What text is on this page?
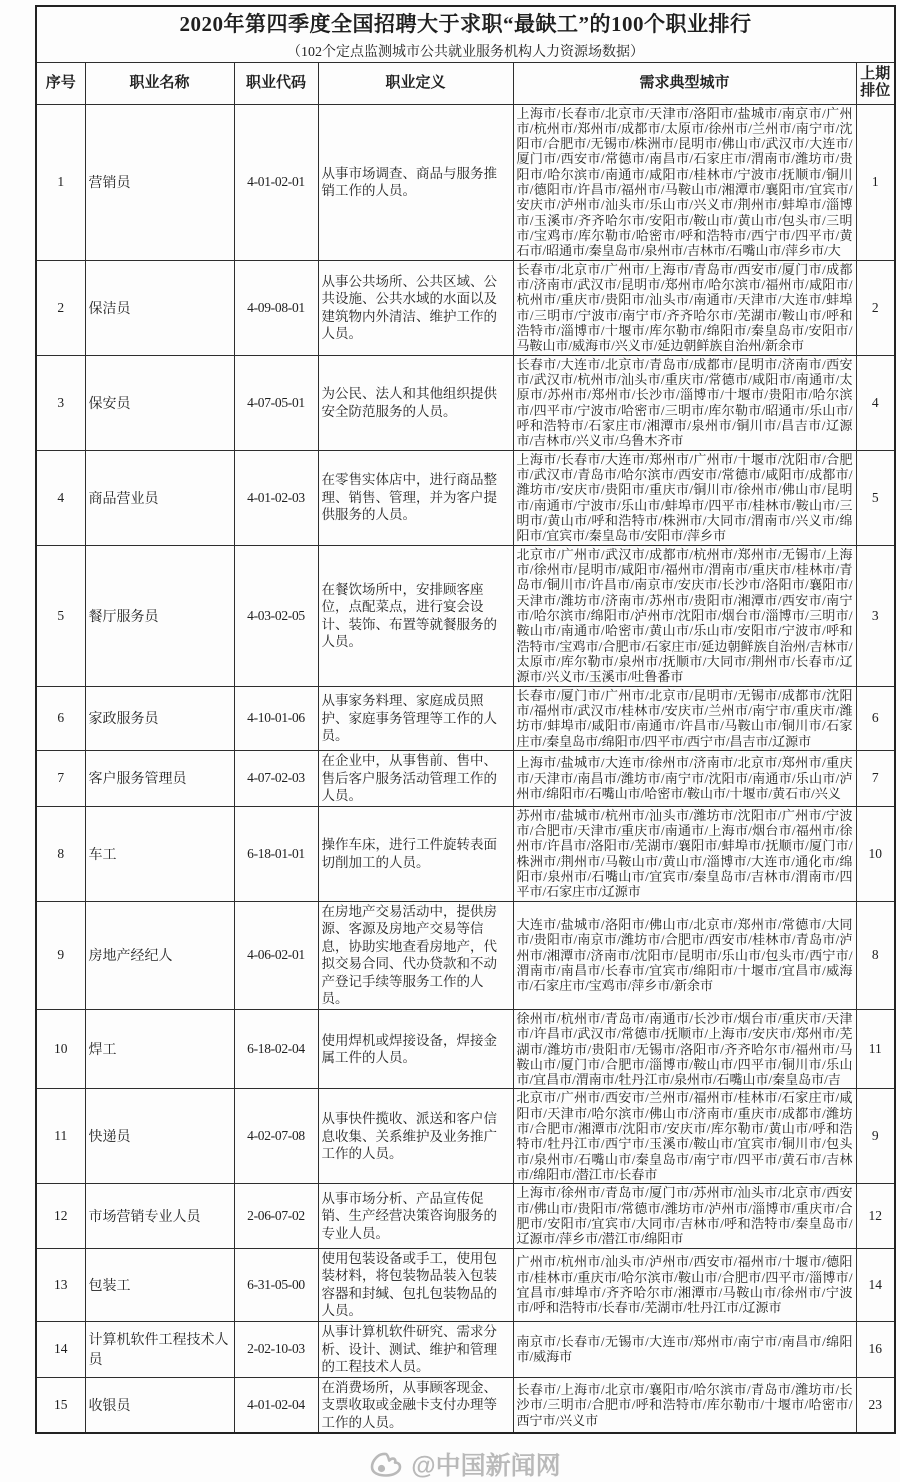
2020年第四季度全国招聘大于求职“最缺工”的100个职业排行
（102个定点监测城市公共就业服务机构人力资源场数据）					

序号	职业名称	职业代码	职业定义	需求典型城市	上期排位
1	营销员	4-01-02-01	从事市场调查、商品与服务推销工作的人员。	上海市/长春市/北京市/天津市/洛阳市/盐城市/南京市/广州市/杭州市/郑州市/成都市/太原市/徐州市/兰州市/南宁市/沈阳市/合肥市/无锡市/株洲市/昆明市/佛山市/武汉市/大连市/厦门市/西安市/常德市/南昌市/石家庄市/渭南市/潍坊市/贵阳市/哈尔滨市/南通市/咸阳市/桂林市/宁波市/抚顺市/铜川市/德阳市/许昌市/福州市/马鞍山市/湘潭市/襄阳市/宜宾市/安庆市/泸州市/汕头市/乐山市/兴义市/荆州市/蚌埠市/淄博市/玉溪市/齐齐哈尔市/安阳市/鞍山市/黄山市/包头市/三明市/宝鸡市/库尔勒市/哈密市/呼和浩特市/西宁市/四平市/黄石市/昭通市/秦皇岛市/泉州市/吉林市/石嘴山市/萍乡市/大	1
2	保洁员	4-09-08-01	从事公共场所、公共区域、公共设施、公共水域的水面以及建筑物内外清洁、维护工作的人员。	长春市/北京市/广州市/上海市/青岛市/西安市/厦门市/成都市/济南市/武汉市/昆明市/郑州市/哈尔滨市/福州市/咸阳市/杭州市/重庆市/贵阳市/汕头市/南通市/天津市/大连市/蚌埠市/三明市/宁波市/南宁市/齐齐哈尔市/芜湖市/鞍山市/呼和浩特市/淄博市/十堰市/库尔勒市/绵阳市/秦皇岛市/安阳市/马鞍山市/威海市/兴义市/延边朝鲜族自治州/新余市	2
3	保安员	4-07-05-01	为公民、法人和其他组织提供安全防范服务的人员。	长春市/大连市/北京市/青岛市/成都市/昆明市/济南市/西安市/武汉市/杭州市/汕头市/重庆市/常德市/咸阳市/南通市/太原市/苏州市/郑州市/长沙市/淄博市/十堰市/贵阳市/哈尔滨市/四平市/宁波市/哈密市/三明市/库尔勒市/昭通市/乐山市/呼和浩特市/石家庄市/湘潭市/泉州市/铜川市/昌吉市/辽源市/吉林市/兴义市/乌鲁木齐市	4
4	商品营业员	4-01-02-03	在零售实体店中，进行商品整理、销售、管理，并为客户提供服务的人员。	上海市/长春市/大连市/郑州市/广州市/十堰市/沈阳市/合肥市/武汉市/青岛市/哈尔滨市/西安市/常德市/咸阳市/成都市/潍坊市/安庆市/贵阳市/重庆市/铜川市/徐州市/佛山市/昆明市/南通市/宁波市/乐山市/蚌埠市/四平市/桂林市/鞍山市/三明市/黄山市/呼和浩特市/株洲市/大同市/渭南市/兴义市/绵阳市/宜宾市/秦皇岛市/安阳市/萍乡市	5
5	餐厅服务员	4-03-02-05	在餐饮场所中，安排顾客座位，点配菜点，进行宴会设计、装饰、布置等就餐服务的人员。	北京市/广州市/武汉市/成都市/杭州市/郑州市/无锡市/上海市/徐州市/昆明市/咸阳市/福州市/渭南市/重庆市/桂林市/青岛市/铜川市/许昌市/南京市/安庆市/长沙市/洛阳市/襄阳市/天津市/潍坊市/济南市/苏州市/贵阳市/湘潭市/西安市/南宁市/哈尔滨市/绵阳市/泸州市/沈阳市/烟台市/淄博市/三明市/鞍山市/南通市/哈密市/黄山市/乐山市/安阳市/宁波市/呼和浩特市/宝鸡市/合肥市/石家庄市/延边朝鲜族自治州/吉林市/太原市/库尔勒市/泉州市/抚顺市/大同市/荆州市/长春市/辽源市/兴义市/玉溪市/吐鲁番市	3
6	家政服务员	4-10-01-06	从事家务料理、家庭成员照护、家庭事务管理等工作的人员。	长春市/厦门市/广州市/北京市/昆明市/无锡市/成都市/沈阳市/福州市/武汉市/桂林市/安庆市/兰州市/南宁市/重庆市/潍坊市/蚌埠市/咸阳市/南通市/许昌市/马鞍山市/铜川市/石家庄市/秦皇岛市/绵阳市/四平市/西宁市/昌吉市/辽源市	6
7	客户服务管理员	4-07-02-03	在企业中，从事售前、售中、售后客户服务活动管理工作的人员。	上海市/盐城市/大连市/徐州市/济南市/北京市/郑州市/重庆市/天津市/南昌市/潍坊市/南宁市/沈阳市/南通市/乐山市/泸州市/绵阳市/石嘴山市/哈密市/鞍山市/十堰市/黄石市/兴义	7
8	车工	6-18-01-01	操作车床，进行工件旋转表面切削加工的人员。	苏州市/盐城市/杭州市/汕头市/潍坊市/沈阳市/广州市/宁波市/合肥市/天津市/重庆市/南通市/上海市/烟台市/福州市/徐州市/许昌市/洛阳市/芜湖市/襄阳市/蚌埠市/抚顺市/厦门市/株洲市/荆州市/马鞍山市/黄山市/淄博市/大连市/通化市/绵阳市/泉州市/石嘴山市/宜宾市/秦皇岛市/吉林市/渭南市/四平市/石家庄市/辽源市	10
9	房地产经纪人	4-06-02-01	在房地产交易活动中，提供房源、客源及房地产交易等信息，协助实地查看房地产，代拟交易合同、代办贷款和不动产登记手续等服务工作的人员。	大连市/盐城市/洛阳市/佛山市/北京市/郑州市/常德市/大同市/贵阳市/南京市/潍坊市/合肥市/西安市/桂林市/青岛市/泸州市/湘潭市/济南市/沈阳市/昆明市/乐山市/包头市/西宁市/渭南市/南昌市/长春市/宜宾市/绵阳市/十堰市/宜昌市/威海市/石家庄市/宝鸡市/萍乡市/新余市	8
10	焊工	6-18-02-04	使用焊机或焊接设备，焊接金属工件的人员。	徐州市/杭州市/青岛市/南通市/长沙市/烟台市/重庆市/天津市/许昌市/武汉市/常德市/抚顺市/上海市/安庆市/郑州市/芜湖市/潍坊市/贵阳市/无锡市/洛阳市/齐齐哈尔市/福州市/马鞍山市/厦门市/合肥市/淄博市/鞍山市/四平市/铜川市/乐山市/宜昌市/渭南市/牡丹江市/泉州市/石嘴山市/秦皇岛市/吉	11
11	快递员	4-02-07-08	从事快件揽收、派送和客户信息收集、关系维护及业务推广工作的人员。	北京市/广州市/西安市/兰州市/福州市/桂林市/石家庄市/咸阳市/天津市/哈尔滨市/佛山市/济南市/重庆市/成都市/潍坊市/合肥市/湘潭市/沈阳市/安庆市/库尔勒市/黄山市/呼和浩特市/牡丹江市/西宁市/玉溪市/鞍山市/宜宾市/铜川市/包头市/泉州市/石嘴山市/秦皇岛市/南宁市/四平市/黄石市/吉林市/绵阳市/潜江市/长春市	9
12	市场营销专业人员	2-06-07-02	从事市场分析、产品宣传促销、生产经营决策咨询服务的专业人员。	上海市/徐州市/青岛市/厦门市/苏州市/汕头市/北京市/西安市/佛山市/贵阳市/常德市/潍坊市/泸州市/淄博市/重庆市/合肥市/安阳市/宜宾市/大同市/吉林市/呼和浩特市/秦皇岛市/辽源市/萍乡市/潜江市/绵阳市	12
13	包装工	6-31-05-00	使用包装设备或手工，使用包装材料，将包装物品装入包装容器和封缄、包扎包装物品的人员。	广州市/杭州市/汕头市/泸州市/西安市/福州市/十堰市/德阳市/桂林市/重庆市/哈尔滨市/鞍山市/合肥市/四平市/淄博市/宜昌市/蚌埠市/齐齐哈尔市/湘潭市/马鞍山市/徐州市/宁波市/呼和浩特市/长春市/芜湖市/牡丹江市/辽源市	14
14	计算机软件工程技术人员	2-02-10-03	从事计算机软件研究、需求分析、设计、测试、维护和管理的工程技术人员。	南京市/长春市/无锡市/大连市/郑州市/南宁市/南昌市/绵阳市/威海市	16
15	收银员	4-01-02-04	在消费场所，从事顾客现金、支票收取或金融卡支付办理等工作的人员。	长春市/上海市/北京市/襄阳市/哈尔滨市/青岛市/潍坊市/长沙市/三明市/合肥市/呼和浩特市/库尔勒市/十堰市/哈密市/西宁市/兴义市	23
@中国新闻网
